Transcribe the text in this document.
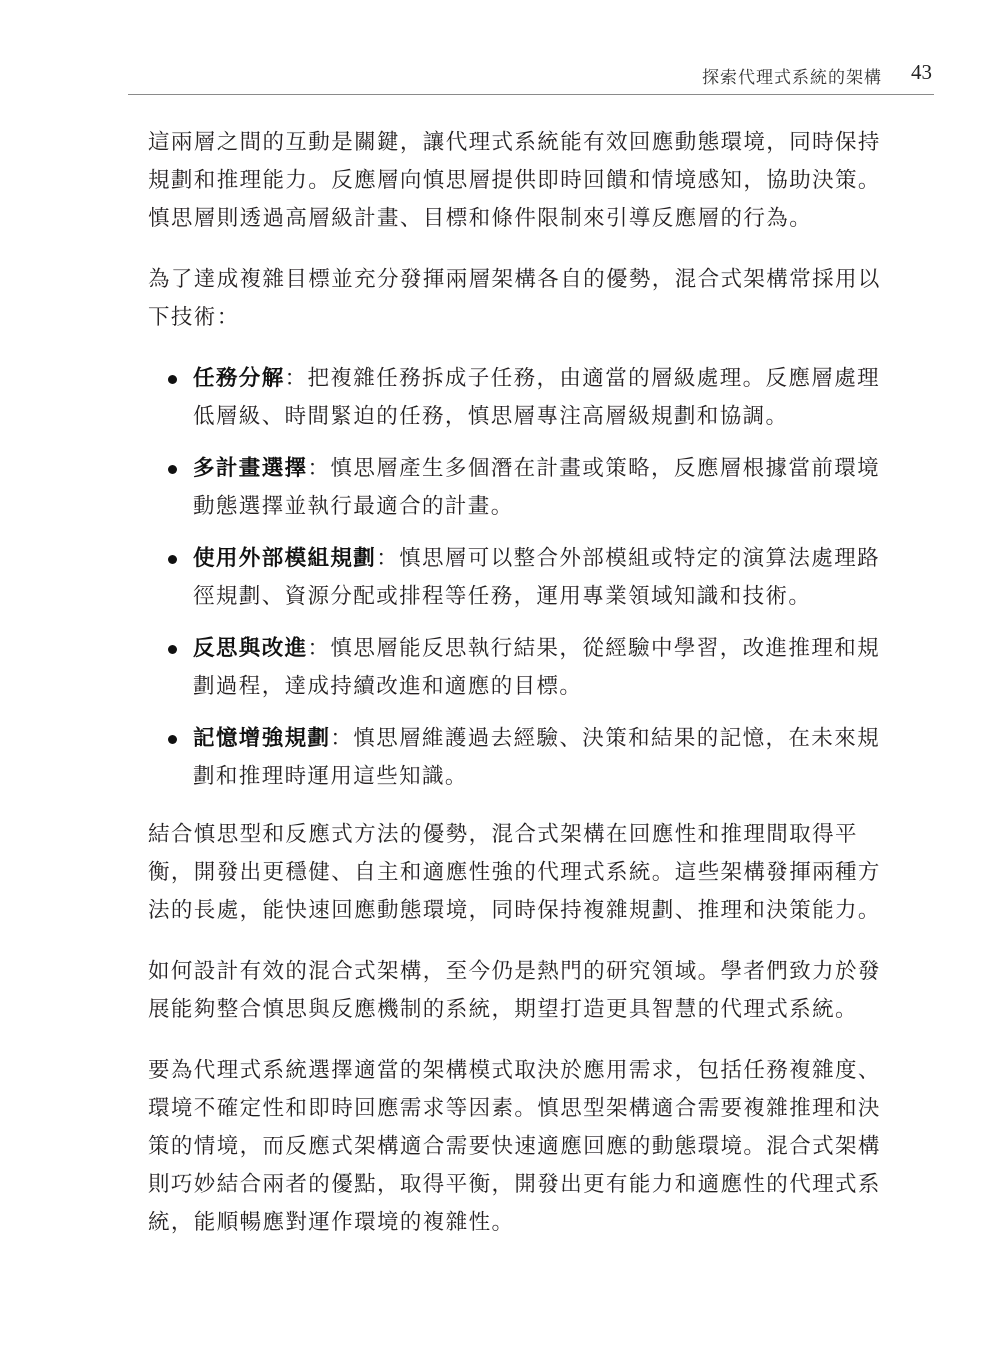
探索代理式系統的架構 43

這兩層之間的互動是關鍵，讓代理式系統能有效回應動態環境，同時保持規劃和推理能力。反應層向慎思層提供即時回饋和情境感知，協助決策。慎思層則透過高層級計畫、目標和條件限制來引導反應層的行為。

為了達成複雜目標並充分發揮兩層架構各自的優勢，混合式架構常採用以下技術：

任務分解：把複雜任務拆成子任務，由適當的層級處理。反應層處理低層級、時間緊迫的任務，慎思層專注高層級規劃和協調。
多計畫選擇：慎思層產生多個潛在計畫或策略，反應層根據當前環境動態選擇並執行最適合的計畫。
使用外部模組規劃：慎思層可以整合外部模組或特定的演算法處理路徑規劃、資源分配或排程等任務，運用專業領域知識和技術。
反思與改進：慎思層能反思執行結果，從經驗中學習，改進推理和規劃過程，達成持續改進和適應的目標。
記憶增強規劃：慎思層維護過去經驗、決策和結果的記憶，在未來規劃和推理時運用這些知識。

結合慎思型和反應式方法的優勢，混合式架構在回應性和推理間取得平衡，開發出更穩健、自主和適應性強的代理式系統。這些架構發揮兩種方法的長處，能快速回應動態環境，同時保持複雜規劃、推理和決策能力。

如何設計有效的混合式架構，至今仍是熱門的研究領域。學者們致力於發展能夠整合慎思與反應機制的系統，期望打造更具智慧的代理式系統。

要為代理式系統選擇適當的架構模式取決於應用需求，包括任務複雜度、環境不確定性和即時回應需求等因素。慎思型架構適合需要複雜推理和決策的情境，而反應式架構適合需要快速適應回應的動態環境。混合式架構則巧妙結合兩者的優點，取得平衡，開發出更有能力和適應性的代理式系統，能順暢應對運作環境的複雜性。
